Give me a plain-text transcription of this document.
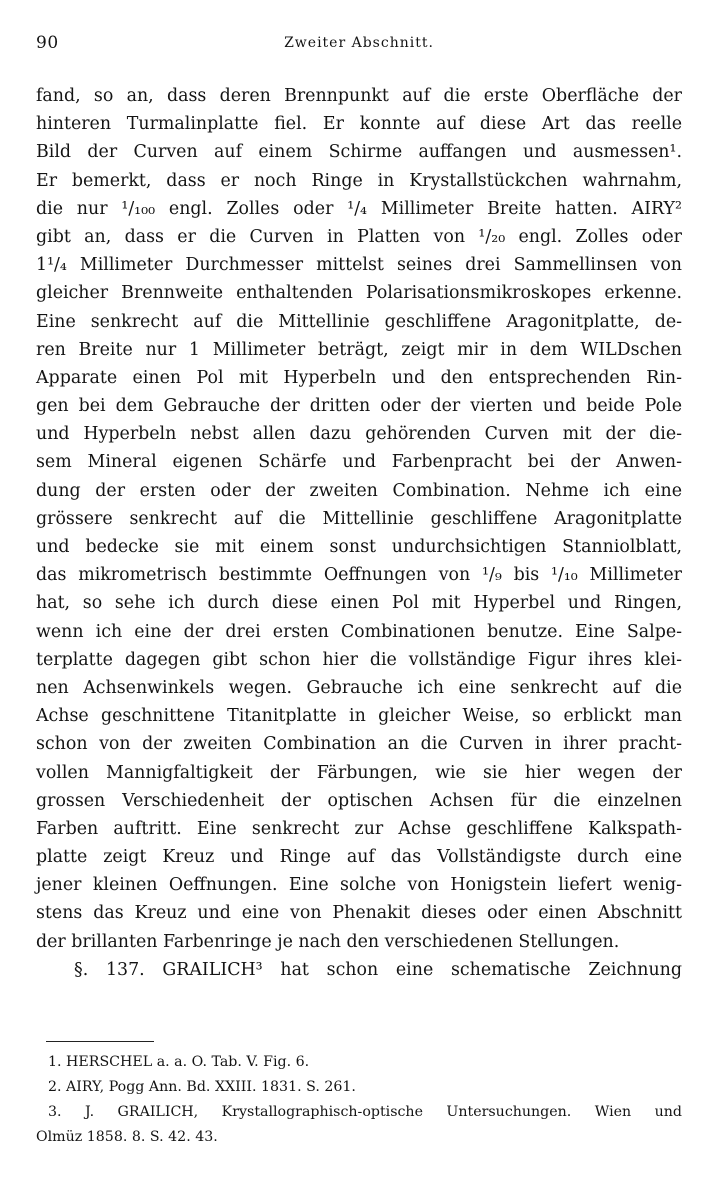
90	Zweiter Abschnitt.
fand, so an, dass deren Brennpunkt auf die erste Oberfläche der
hinteren Turmalinplatte fiel. Er konnte auf diese Art das reelle
Bild der Curven auf einem Schirme auffangen und ausmessen¹.
Er bemerkt, dass er noch Ringe in Krystallstückchen wahrnahm,
die nur ¹/₁₀₀ engl. Zolles oder ¹/₄ Millimeter Breite hatten. AIRY²
gibt an, dass er die Curven in Platten von ¹/₂₀ engl. Zolles oder
1¹/₄ Millimeter Durchmesser mittelst seines drei Sammellinsen von
gleicher Brennweite enthaltenden Polarisationsmikroskopes erkenne.
Eine senkrecht auf die Mittellinie geschliffene Aragonitplatte, de-
ren Breite nur 1 Millimeter beträgt, zeigt mir in dem WILDschen
Apparate einen Pol mit Hyperbeln und den entsprechenden Rin-
gen bei dem Gebrauche der dritten oder der vierten und beide Pole
und Hyperbeln nebst allen dazu gehörenden Curven mit der die-
sem Mineral eigenen Schärfe und Farbenpracht bei der Anwen-
dung der ersten oder der zweiten Combination. Nehme ich eine
grössere senkrecht auf die Mittellinie geschliffene Aragonitplatte
und bedecke sie mit einem sonst undurchsichtigen Stanniolblatt,
das mikrometrisch bestimmte Oeffnungen von ¹/₉ bis ¹/₁₀ Millimeter
hat, so sehe ich durch diese einen Pol mit Hyperbel und Ringen,
wenn ich eine der drei ersten Combinationen benutze. Eine Salpe-
terplatte dagegen gibt schon hier die vollständige Figur ihres klei-
nen Achsenwinkels wegen. Gebrauche ich eine senkrecht auf die
Achse geschnittene Titanitplatte in gleicher Weise, so erblickt man
schon von der zweiten Combination an die Curven in ihrer pracht-
vollen Mannigfaltigkeit der Färbungen, wie sie hier wegen der
grossen Verschiedenheit der optischen Achsen für die einzelnen
Farben auftritt. Eine senkrecht zur Achse geschliffene Kalkspath-
platte zeigt Kreuz und Ringe auf das Vollständigste durch eine
jener kleinen Oeffnungen. Eine solche von Honigstein liefert wenig-
stens das Kreuz und eine von Phenakit dieses oder einen Abschnitt
der brillanten Farbenringe je nach den verschiedenen Stellungen.
§. 137. GRAILICH³ hat schon eine schematische Zeichnung
1. HERSCHEL a. a. O. Tab. V. Fig. 6.
2. AIRY, Pogg Ann. Bd. XXIII. 1831. S. 261.
3. J. GRAILICH, Krystallographisch-optische Untersuchungen. Wien und
Olmüz 1858. 8. S. 42. 43.
